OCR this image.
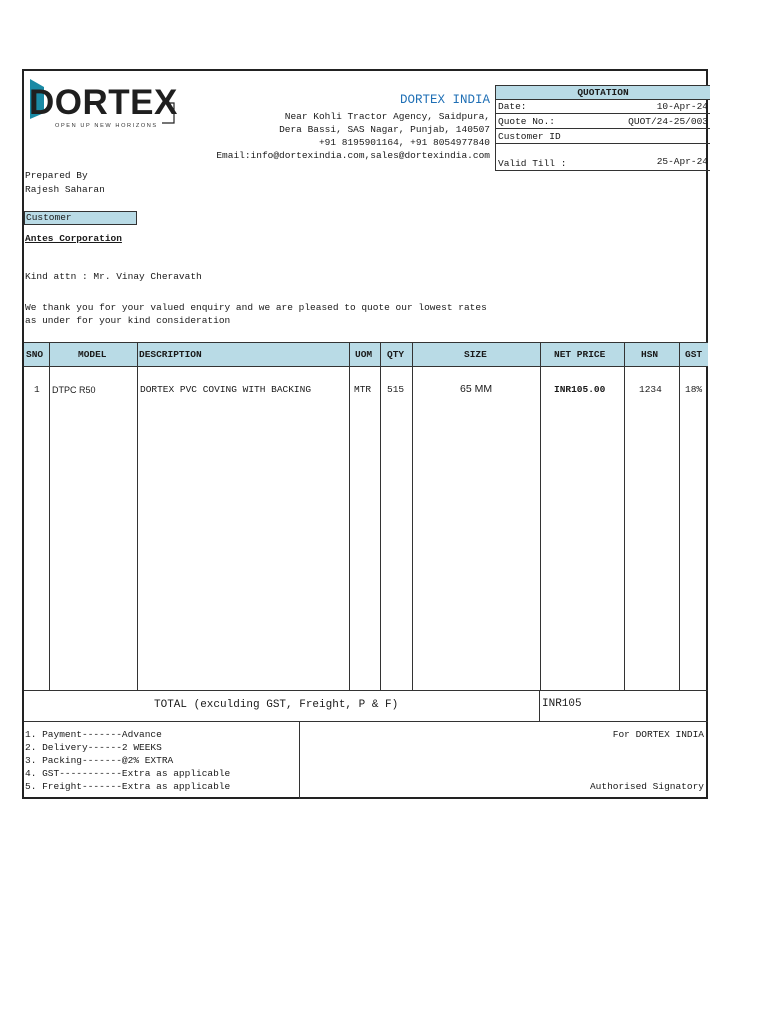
DORTEX
OPEN UP NEW HORIZONS
DORTEX INDIA
Near Kohli Tractor Agency, Saidpura,
Dera Bassi, SAS Nagar, Punjab, 140507
+91 8195901164, +91 8054977840
Email:info@dortexindia.com,sales@dortexindia.com
QUOTATION
Date:	10-Apr-24
Quote No.:	QUOT/24-25/003
Customer ID
Valid Till :	25-Apr-24
Prepared By
Rajesh Saharan
Customer
Antes Corporation
Kind attn : Mr. Vinay Cheravath
We thank you for your valued enquiry and we are pleased to quote our lowest rates
as under for your kind consideration
SNO	MODEL	DESCRIPTION	UOM QTY	SIZE	NET PRICE	HSN	GST
1 DTPC R50	DORTEX PVC COVING WITH BACKING	MTR 515	65 MM	INR105.00	1234 18%
TOTAL (exculding GST, Freight, P & F)	INR105
1. Payment-------Advance
2. Delivery------2 WEEKS
3. Packing-------@2% EXTRA
4. GST-----------Extra as applicable
5. Freight-------Extra as applicable
For DORTEX INDIA
Authorised Signatory
